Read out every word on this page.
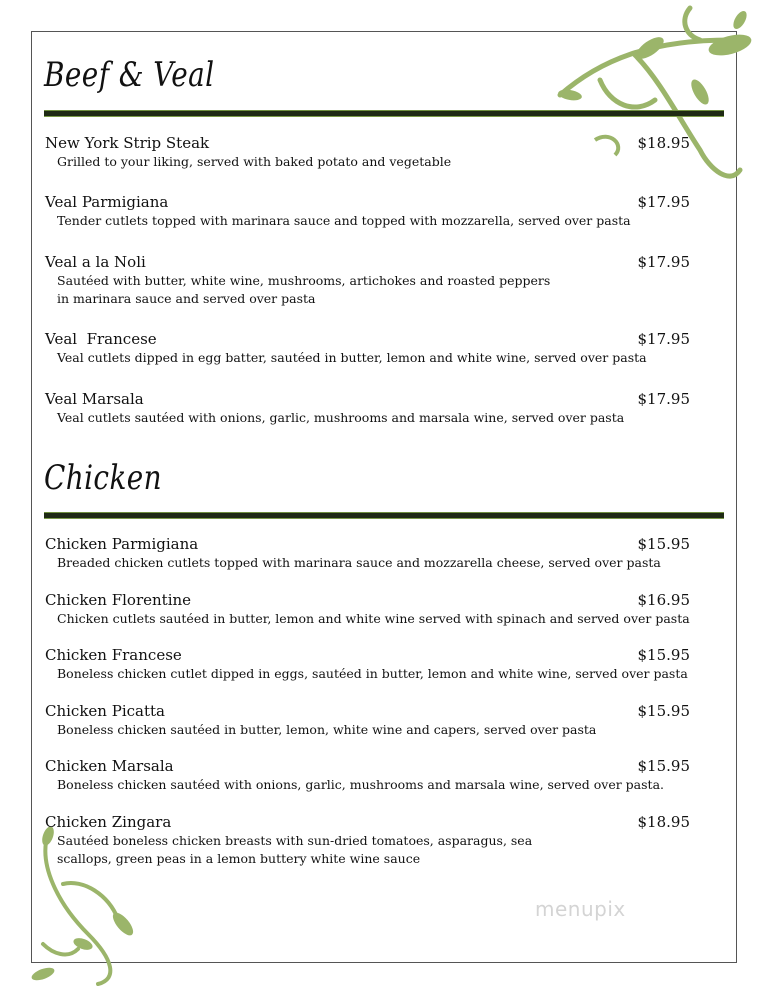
Beef & Veal
New York Strip Steak	$18.95
Grilled to your liking, served with baked potato and vegetable
Veal Parmigiana	$17.95
Tender cutlets topped with marinara sauce and topped with mozzarella, served over pasta
Veal a la Noli	$17.95
Sautéed with butter, white wine, mushrooms, artichokes and roasted peppers in marinara sauce and served over pasta
Veal  Francese	$17.95
Veal cutlets dipped in egg batter, sautéed in butter, lemon and white wine, served over pasta
Veal Marsala	$17.95
Veal cutlets sautéed with onions, garlic, mushrooms and marsala wine, served over pasta
Chicken
Chicken Parmigiana	$15.95
Breaded chicken cutlets topped with marinara sauce and mozzarella cheese, served over pasta
Chicken Florentine	$16.95
Chicken cutlets sautéed in butter, lemon and white wine served with spinach and served over pasta
Chicken Francese	$15.95
Boneless chicken cutlet dipped in eggs, sautéed in butter, lemon and white wine, served over pasta
Chicken Picatta	$15.95
Boneless chicken sautéed in butter, lemon, white wine and capers, served over pasta
Chicken Marsala	$15.95
Boneless chicken sautéed with onions, garlic, mushrooms and marsala wine, served over pasta.
Chicken Zingara	$18.95
Sautéed boneless chicken breasts with sun-dried tomatoes, asparagus, sea scallops, green peas in a lemon buttery white wine sauce
menupix
